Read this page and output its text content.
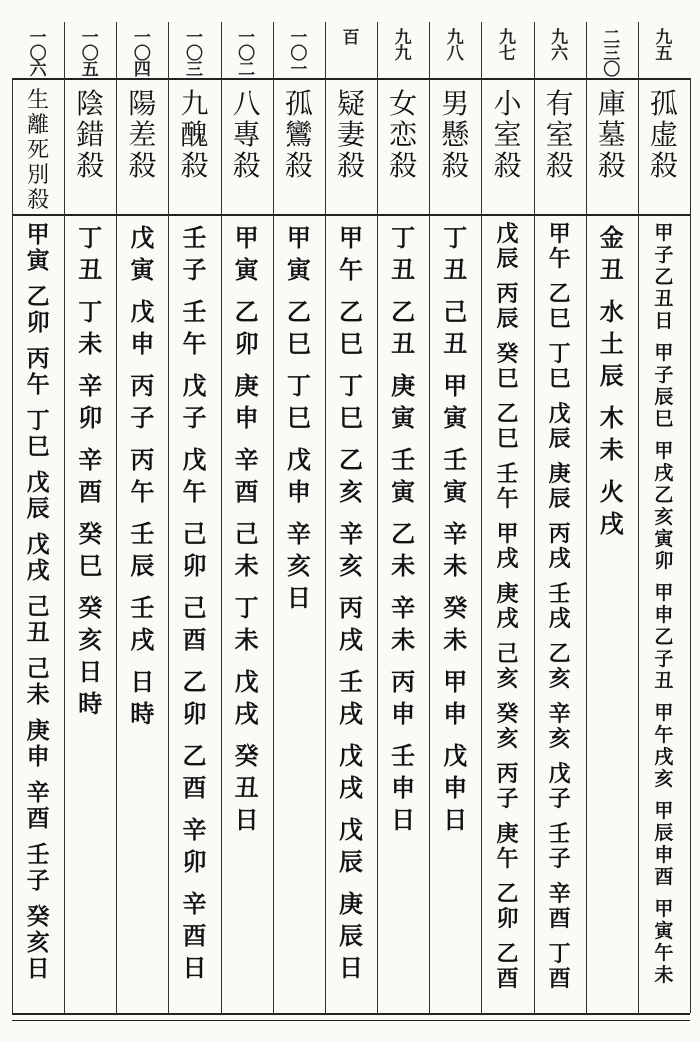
九
五
孤
虚
殺
甲
子
乙
丑
日
甲
子
辰
巳
甲
戌
乙
亥
寅
卯
甲
申
乙
子
丑
甲
午
戌
亥
甲
辰
申
酉
甲
寅
午
未
二
三
〇
庫
墓
殺
金
丑
水
土
辰
木
未
火
戌
九
六
有
室
殺
甲
午
乙
巳
丁
巳
戊
辰
庚
辰
丙
戌
壬
戌
乙
亥
辛
亥
戊
子
壬
子
辛
酉
丁
酉
九
七
小
室
殺
戊
辰
丙
辰
癸
巳
乙
巳
壬
午
甲
戌
庚
戌
己
亥
癸
亥
丙
子
庚
午
乙
卯
乙
酉
九
八
男
懸
殺
丁
丑
己
丑
甲
寅
壬
寅
辛
未
癸
未
甲
申
戊
申
日
九
九
女
恋
殺
丁
丑
乙
丑
庚
寅
壬
寅
乙
未
辛
未
丙
申
壬
申
日
百
疑
妻
殺
甲
午
乙
巳
丁
巳
乙
亥
辛
亥
丙
戌
壬
戌
戊
戌
戊
辰
庚
辰
日
一
〇
一
孤
鸞
殺
甲
寅
乙
巳
丁
巳
戊
申
辛
亥
日
一
〇
二
八
專
殺
甲
寅
乙
卯
庚
申
辛
酉
己
未
丁
未
戊
戌
癸
丑
日
一
〇
三
九
醜
殺
壬
子
壬
午
戊
子
戊
午
己
卯
己
酉
乙
卯
乙
酉
辛
卯
辛
酉
日
一
〇
四
陽
差
殺
戊
寅
戊
申
丙
子
丙
午
壬
辰
壬
戌
日
時
一
〇
五
陰
錯
殺
丁
丑
丁
未
辛
卯
辛
酉
癸
巳
癸
亥
日
時
一
〇
六
生
離
死
別
殺
甲
寅
乙
卯
丙
午
丁
巳
戊
辰
戊
戌
己
丑
己
未
庚
申
辛
酉
壬
子
癸
亥
日
